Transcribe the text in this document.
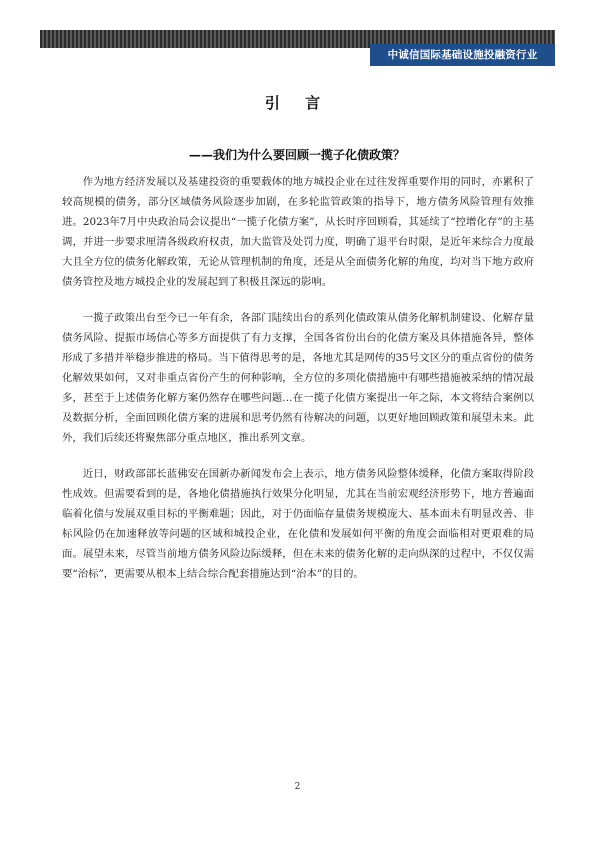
中诚信国际基础设施投融资行业
引 言
——我们为什么要回顾一揽子化债政策？

作为地方经济发展以及基建投资的重要载体的地方城投企业在过往发挥重要作用的同时，亦累积了较高规模的债务，部分区域债务风险逐步加剧，在多轮监管政策的指导下，地方债务风险管理有效推进。2023年7月中央政治局会议提出“一揽子化债方案”，从长时序回顾看，其延续了“控增化存”的主基调，并进一步要求厘清各级政府权责，加大监管及处罚力度，明确了退平台时限，是近年来综合力度最大且全方位的债务化解政策，无论从管理机制的角度，还是从全面债务化解的角度，均对当下地方政府债务管控及地方城投企业的发展起到了积极且深远的影响。

一揽子政策出台至今已一年有余，各部门陆续出台的系列化债政策从债务化解机制建设、化解存量债务风险、提振市场信心等多方面提供了有力支撑，全国各省份出台的化债方案及具体措施各异，整体形成了多措并举稳步推进的格局。当下值得思考的是，各地尤其是网传的35号文区分的重点省份的债务化解效果如何，又对非重点省份产生的何种影响，全方位的多项化债措施中有哪些措施被采纳的情况最多，甚至于上述债务化解方案仍然存在哪些问题…在一揽子化债方案提出一年之际，本文将结合案例以及数据分析，全面回顾化债方案的进展和思考仍然有待解决的问题，以更好地回顾政策和展望未来。此外，我们后续还将聚焦部分重点地区，推出系列文章。

近日，财政部部长蓝佛安在国新办新闻发布会上表示，地方债务风险整体缓释，化债方案取得阶段性成效。但需要看到的是，各地化债措施执行效果分化明显，尤其在当前宏观经济形势下，地方普遍面临着化债与发展双重目标的平衡难题；因此，对于仍面临存量债务规模庞大、基本面未有明显改善、非标风险仍在加速释放等问题的区域和城投企业，在化债和发展如何平衡的角度会面临相对更艰难的局面。展望未来，尽管当前地方债务风险边际缓释，但在未来的债务化解的走向纵深的过程中，不仅仅需要“治标”，更需要从根本上结合综合配套措施达到“治本”的目的。

2
